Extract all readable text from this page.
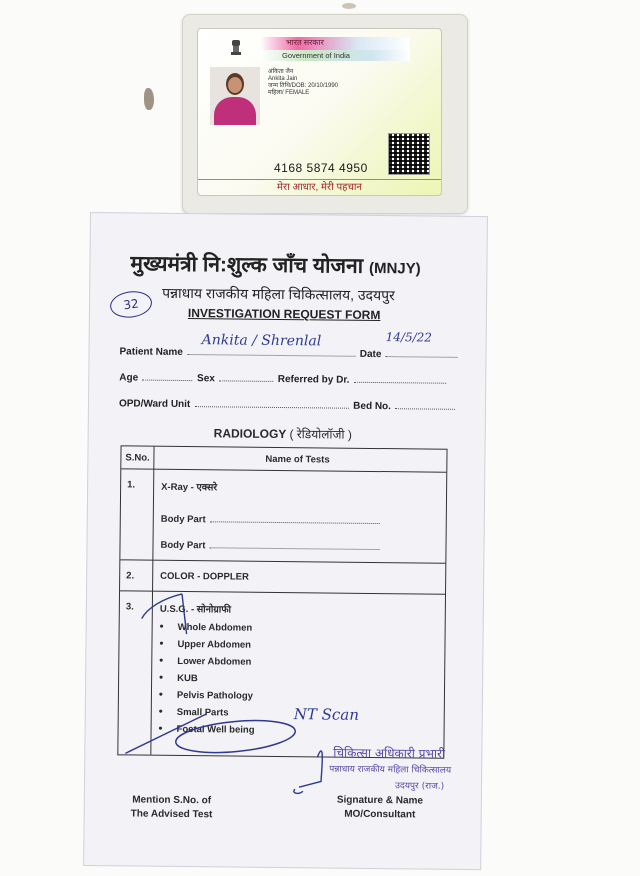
भारत सरकार
Government of India
अंकिता जैन
Ankita Jain
जन्म तिथि/DOB: 20/10/1990
महिला/ FEMALE
4168 5874 4950
मेरा आधार, मेरी पहचान
मुख्यमंत्री नि:शुल्क जाँच योजना (MNJY)
32
पन्नाधाय राजकीय महिला चिकित्सालय, उदयपुर
INVESTIGATION REQUEST FORM
Patient Name	Date
Ankita / Shrenlal	14/5/22
Age	Sex	Referred by Dr.
OPD/Ward Unit	Bed No.
RADIOLOGY ( रेडियोलॉजी )
S.No.	Name of Tests
1.	X-Ray - एक्सरे
Body Part
Body Part
2.	COLOR - DOPPLER
3.	U.S.G. - सोनोग्राफी
• Whole Abdomen
• Upper Abdomen
• Lower Abdomen
• KUB
• Pelvis Pathology
• Small Parts
• Foetal Well being
NT Scan
चिकित्सा अधिकारी प्रभारी
पन्नाधाय राजकीय महिला चिकित्सालय
उदयपुर (राज.)
Mention S.No. of
The Advised Test
Signature & Name
MO/Consultant
